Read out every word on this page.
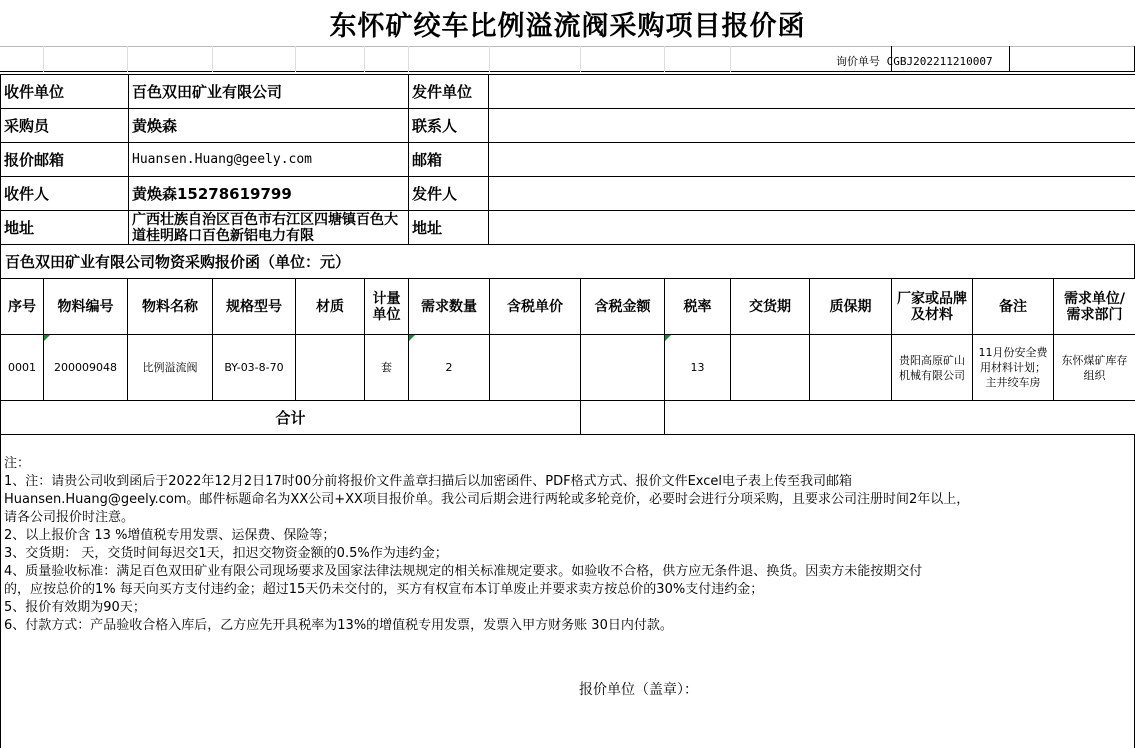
东怀矿绞车比例溢流阀采购项目报价函
询价单号 CGBJ202211210007
收件单位	百色双田矿业有限公司	发件单位	
采购员	黄焕森	联系人	
报价邮箱	Huansen.Huang@geely.com	邮箱	
收件人	黄焕森15278619799	发件人	
地址	广西壮族自治区百色市右江区四塘镇百色大道桂明路口百色新铝电力有限	地址	
百色双田矿业有限公司物资采购报价函（单位：元）
序号	物料编号	物料名称	规格型号	材质	计量单位	需求数量	含税单价	含税金额	税率	交货期	质保期	厂家或品牌及材料	备注	需求单位/需求部门
0001	200009048	比例溢流阀	BY-03-8-70		套	2			13			贵阳高原矿山机械有限公司	11月份安全费用材料计划；主井绞车房	东怀煤矿库存组织
合计														

注：

1、注：请贵公司收到函后于2022年12月2日17时00分前将报价文件盖章扫描后以加密函件、PDF格式方式、报价文件Excel电子表上传至我司邮箱

Huansen.Huang@geely.com。邮件标题命名为XX公司+XX项目报价单。我公司后期会进行两轮或多轮竞价，必要时会进行分项采购，且要求公司注册时间2年以上，

请各公司报价时注意。

2、以上报价含 13 %增值税专用发票、运保费、保险等；

3、交货期： 天，交货时间每迟交1天，扣迟交物资金额的0.5%作为违约金；

4、质量验收标准：满足百色双田矿业有限公司现场要求及国家法律法规规定的相关标准规定要求。如验收不合格，供方应无条件退、换货。因卖方未能按期交付

的，应按总价的1% 每天向买方支付违约金；超过15天仍未交付的，买方有权宣布本订单废止并要求卖方按总价的30%支付违约金；

5、报价有效期为90天；

6、付款方式：产品验收合格入库后，乙方应先开具税率为13%的增值税专用发票，发票入甲方财务账 30日内付款。

报价单位（盖章）：
